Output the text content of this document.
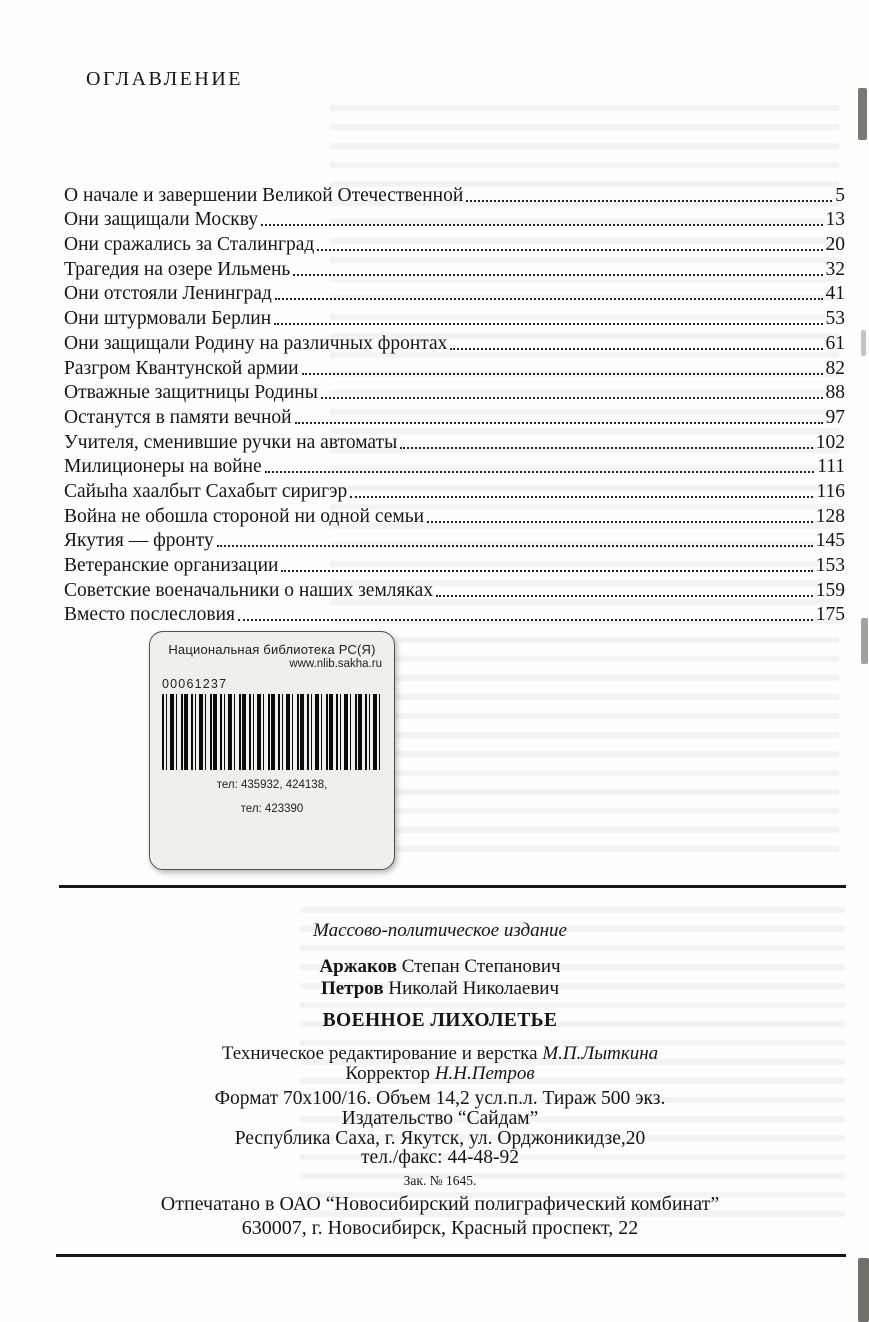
ОГЛАВЛЕНИЕ
О начале и завершении Великой Отечественной	5
Они защищали Москву	13
Они сражались за Сталинград	20
Трагедия на озере Ильмень	32
Они отстояли Ленинград	41
Они штурмовали Берлин	53
Они защищали Родину на различных фронтах	61
Разгром Квантунской армии	82
Отважные защитницы Родины	88
Останутся в памяти вечной	97
Учителя, сменившие ручки на автоматы	102
Милиционеры на войне	111
Сайыһа хаалбыт Сахабыт сиригэр	116
Война не обошла стороной ни одной семьи	128
Якутия — фронту	145
Ветеранские организации	153
Советские военачальники о наших земляках	159
Вместо послесловия	175
Национальная библиотека РС(Я)
www.nlib.sakha.ru
00061237
тел: 435932, 424138,
тел: 423390
Массово-политическое издание
Аржаков Степан Степанович
Петров Николай Николаевич
ВОЕННОЕ ЛИХОЛЕТЬЕ
Техническое редактирование и верстка М.П.Лыткина
Корректор Н.Н.Петров
Формат 70x100/16. Объем 14,2 усл.п.л. Тираж 500 экз.
Издательство “Сайдам”
Республика Саха, г. Якутск, ул. Орджоникидзе,20
тел./факс: 44-48-92
Зак. № 1645.
Отпечатано в ОАО “Новосибирский полиграфический комбинат”
630007, г. Новосибирск, Красный проспект, 22
